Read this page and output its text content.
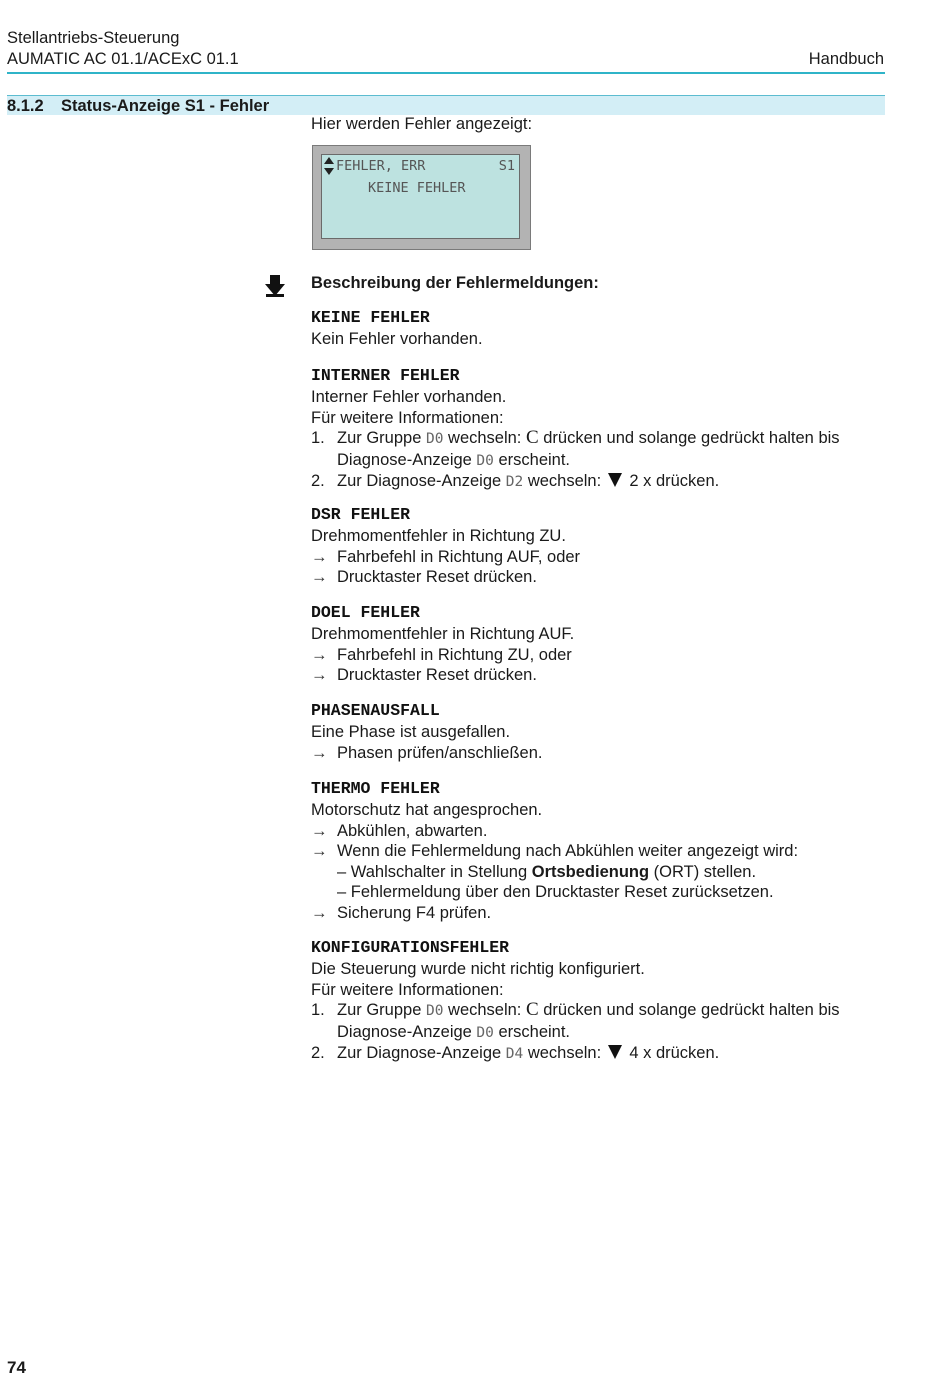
Stellantriebs-Steuerung
AUMATIC AC 01.1/ACExC 01.1	Handbuch
8.1.2 Status-Anzeige S1 - Fehler

Hier werden Fehler angezeigt:

FEHLER, ERR	S1
KEINE FEHLER
Beschreibung der Fehlermeldungen:
KEINE FEHLER
Kein Fehler vorhanden.
INTERNER FEHLER
Interner Fehler vorhanden.
Für weitere Informationen:
1. Zur Gruppe D0 wechseln: C drücken und solange gedrückt halten bis
Diagnose-Anzeige D0 erscheint.
2. Zur Diagnose-Anzeige D2 wechseln:  2 x drücken.
DSR FEHLER
Drehmomentfehler in Richtung ZU.
→ Fahrbefehl in Richtung AUF, oder
→ Drucktaster Reset drücken.
DOEL FEHLER
Drehmomentfehler in Richtung AUF.
→ Fahrbefehl in Richtung ZU, oder
→ Drucktaster Reset drücken.
PHASENAUSFALL
Eine Phase ist ausgefallen.
→ Phasen prüfen/anschließen.
THERMO FEHLER
Motorschutz hat angesprochen.
→ Abkühlen, abwarten.
→ Wenn die Fehlermeldung nach Abkühlen weiter angezeigt wird:
– Wahlschalter in Stellung Ortsbedienung (ORT) stellen.
– Fehlermeldung über den Drucktaster Reset zurücksetzen.
→ Sicherung F4 prüfen.
KONFIGURATIONSFEHLER
Die Steuerung wurde nicht richtig konfiguriert.
Für weitere Informationen:
1. Zur Gruppe D0 wechseln: C drücken und solange gedrückt halten bis
Diagnose-Anzeige D0 erscheint.
2. Zur Diagnose-Anzeige D4 wechseln:  4 x drücken.
74
